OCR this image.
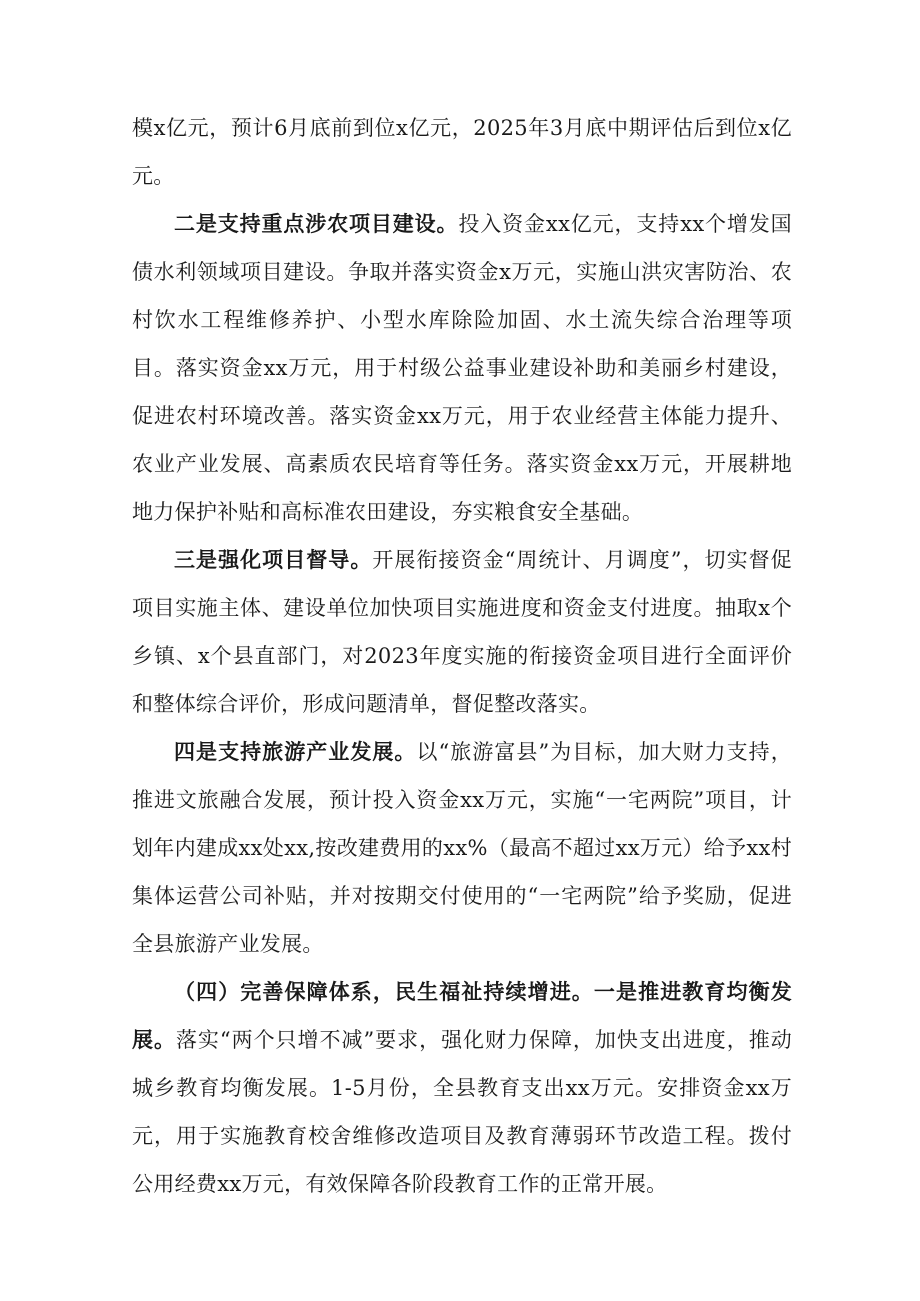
模x亿元，预计6月底前到位x亿元，2025年3月底中期评估后到位x亿元。

二是支持重点涉农项目建设。投入资金xx亿元，支持xx个增发国债水利领域项目建设。争取并落实资金x万元，实施山洪灾害防治、农村饮水工程维修养护、小型水库除险加固、水土流失综合治理等项目。落实资金xx万元，用于村级公益事业建设补助和美丽乡村建设，促进农村环境改善。落实资金xx万元，用于农业经营主体能力提升、农业产业发展、高素质农民培育等任务。落实资金xx万元，开展耕地地力保护补贴和高标准农田建设，夯实粮食安全基础。

三是强化项目督导。开展衔接资金“周统计、月调度”，切实督促项目实施主体、建设单位加快项目实施进度和资金支付进度。抽取x个乡镇、x个县直部门，对2023年度实施的衔接资金项目进行全面评价和整体综合评价，形成问题清单，督促整改落实。

四是支持旅游产业发展。以“旅游富县”为目标，加大财力支持，推进文旅融合发展，预计投入资金xx万元，实施“一宅两院”项目，计划年内建成xx处xx,按改建费用的xx%（最高不超过xx万元）给予xx村集体运营公司补贴，并对按期交付使用的“一宅两院”给予奖励，促进全县旅游产业发展。

（四）完善保障体系，民生福祉持续增进。一是推进教育均衡发展。落实“两个只增不减”要求，强化财力保障，加快支出进度，推动城乡教育均衡发展。1-5月份，全县教育支出xx万元。安排资金xx万元，用于实施教育校舍维修改造项目及教育薄弱环节改造工程。拨付公用经费xx万元，有效保障各阶段教育工作的正常开展。
